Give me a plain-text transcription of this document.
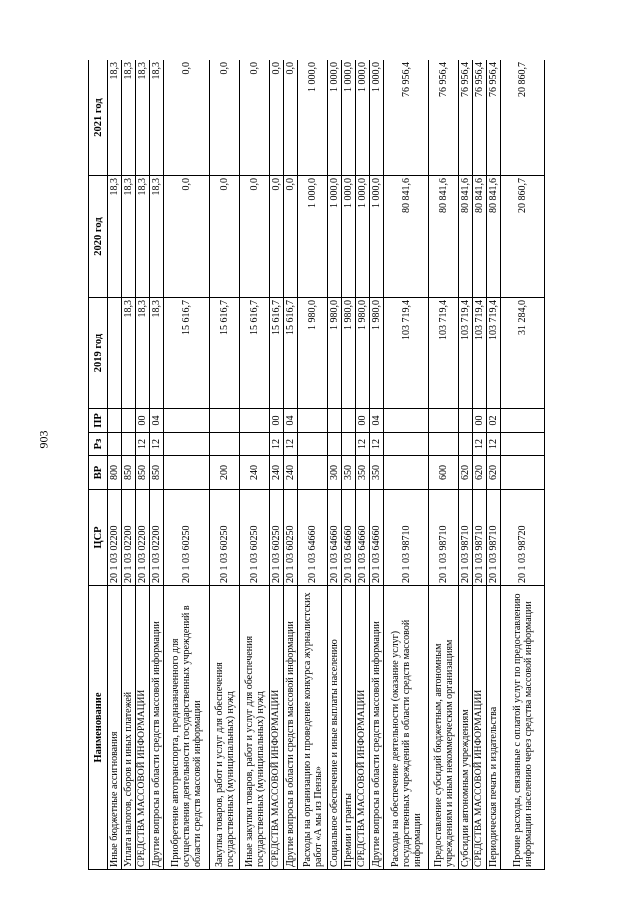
903
Наименование	ЦСР	ВР	Рз	ПР	2019 год	2020 год	2021 год
Иные бюджетные ассигнования	20 1 03 02200	800				18,3	18,3
Уплата налогов, сборов и иных платежей	20 1 03 02200	850			18,3	18,3	18,3
СРЕДСТВА МАССОВОЙ ИНФОРМАЦИИ	20 1 03 02200	850	12	00	18,3	18,3	18,3
Другие вопросы в области средств массовой информации	20 1 03 02200	850	12	04	18,3	18,3	18,3
Приобретение автотранспорта, предназначенного для осуществления деятельности государственных учреждений в области средств массовой информации	20 1 03 60250				15 616,7	0,0	0,0
Закупка товаров, работ и услуг для обеспечения государственных (муниципальных) нужд	20 1 03 60250	200			15 616,7	0,0	0,0
Иные закупки товаров, работ и услуг для обеспечения государственных (муниципальных) нужд	20 1 03 60250	240			15 616,7	0,0	0,0
СРЕДСТВА МАССОВОЙ ИНФОРМАЦИИ	20 1 03 60250	240	12	00	15 616,7	0,0	0,0
Другие вопросы в области средств массовой информации	20 1 03 60250	240	12	04	15 616,7	0,0	0,0
Расходы на организацию и проведение конкурса журналистских работ «А мы из Пензы»	20 1 03 64660				1 980,0	1 000,0	1 000,0
Социальное обеспечение и иные выплаты населению	20 1 03 64660	300			1 980,0	1 000,0	1 000,0
Премии и гранты	20 1 03 64660	350			1 980,0	1 000,0	1 000,0
СРЕДСТВА МАССОВОЙ ИНФОРМАЦИИ	20 1 03 64660	350	12	00	1 980,0	1 000,0	1 000,0
Другие вопросы в области средств массовой информации	20 1 03 64660	350	12	04	1 980,0	1 000,0	1 000,0
Расходы на обеспечение деятельности (оказание услуг) государственных учреждений в области средств массовой информации	20 1 03 98710				103 719,4	80 841,6	76 956,4
Предоставление субсидий бюджетным, автономным учреждениям и иным некоммерческим организациям	20 1 03 98710	600			103 719,4	80 841,6	76 956,4
Субсидии автономным учреждениям	20 1 03 98710	620			103 719,4	80 841,6	76 956,4
СРЕДСТВА МАССОВОЙ ИНФОРМАЦИИ	20 1 03 98710	620	12	00	103 719,4	80 841,6	76 956,4
Периодическая печать и издательства	20 1 03 98710	620	12	02	103 719,4	80 841,6	76 956,4
Прочие расходы, связанные с оплатой услуг по предоставлению информации населению через средства массовой информации	20 1 03 98720				31 284,0	20 860,7	20 860,7
